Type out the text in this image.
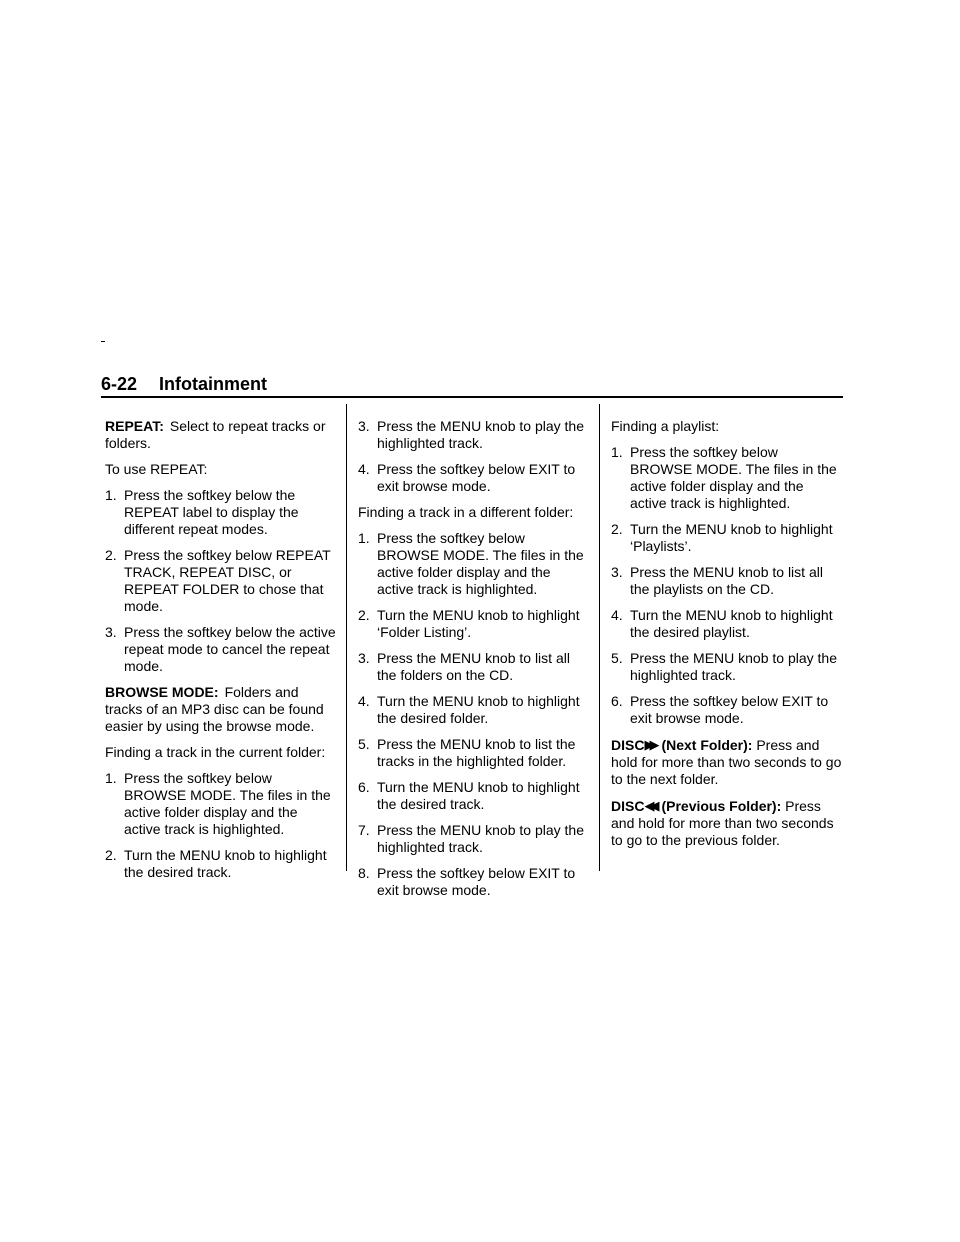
6-22 Infotainment

REPEAT: Select to repeat tracks or folders.

To use REPEAT:

1. Press the softkey below the REPEAT label to display the different repeat modes.
2. Press the softkey below REPEAT TRACK, REPEAT DISC, or REPEAT FOLDER to chose that mode.
3. Press the softkey below the active repeat mode to cancel the repeat mode.

BROWSE MODE: Folders and tracks of an MP3 disc can be found easier by using the browse mode.

Finding a track in the current folder:

1. Press the softkey below BROWSE MODE. The files in the active folder display and the active track is highlighted.
2. Turn the MENU knob to highlight the desired track.
3. Press the MENU knob to play the highlighted track.
4. Press the softkey below EXIT to exit browse mode.

Finding a track in a different folder:

1. Press the softkey below BROWSE MODE. The files in the active folder display and the active track is highlighted.
2. Turn the MENU knob to highlight ‘Folder Listing’.
3. Press the MENU knob to list all the folders on the CD.
4. Turn the MENU knob to highlight the desired folder.
5. Press the MENU knob to list the tracks in the highlighted folder.
6. Turn the MENU knob to highlight the desired track.
7. Press the MENU knob to play the highlighted track.
8. Press the softkey below EXIT to exit browse mode.

Finding a playlist:

1. Press the softkey below BROWSE MODE. The files in the active folder display and the active track is highlighted.
2. Turn the MENU knob to highlight ‘Playlists’.
3. Press the MENU knob to list all the playlists on the CD.
4. Turn the MENU knob to highlight the desired playlist.
5. Press the MENU knob to play the highlighted track.
6. Press the softkey below EXIT to exit browse mode.

DISC▶▶ (Next Folder): Press and hold for more than two seconds to go to the next folder.

DISC◀◀ (Previous Folder): Press and hold for more than two seconds to go to the previous folder.
